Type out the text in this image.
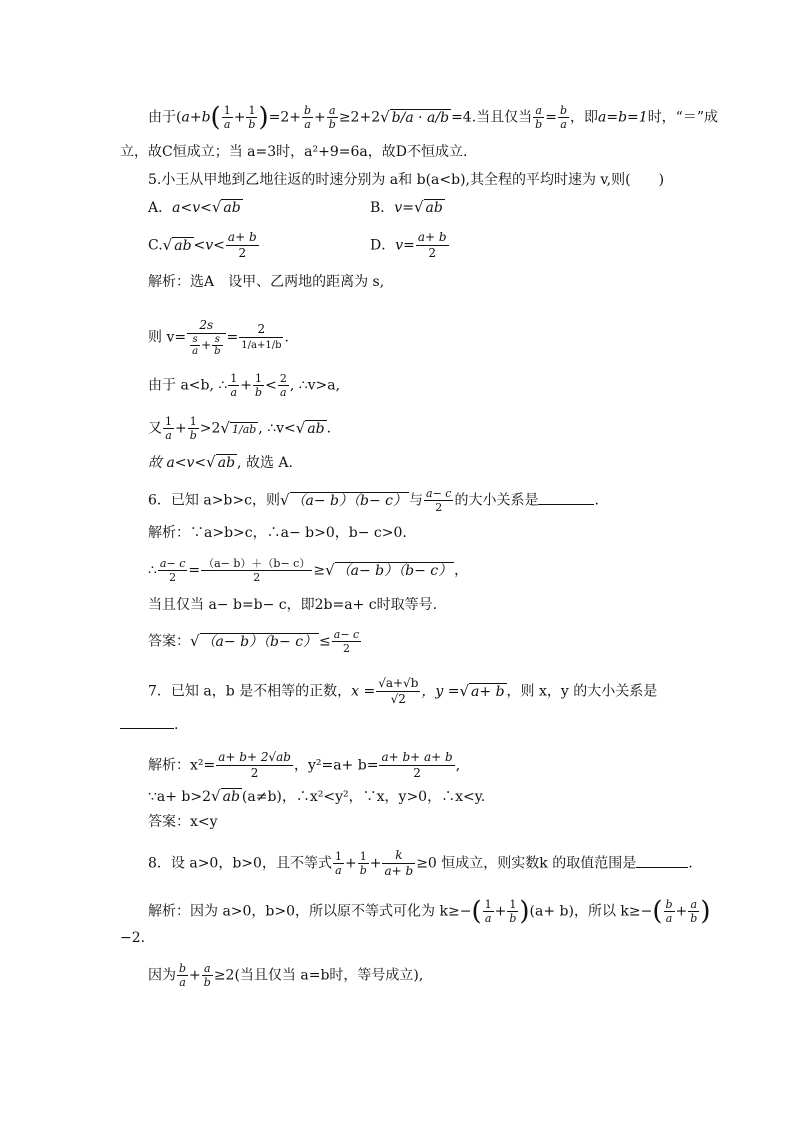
由于($a+b( \frac{1}{a} + \frac{1}{b} )=2+ \frac{b}{a} + \frac{a}{b} \ge 2+2√$ b/a · a/b =4.当且仅当 $\frac{a}{b} = \frac{b}{a}$ ，即a=b=1时，“＝”成
立，故C恒成立；当 a=3时，a²+9=6a，故D不恒成立.
5.小王从甲地到乙地往返的时速分别为 a和 b(a<b),其全程的平均时速为 v,则(　　)
A．a<v<√ ab	B．v=√ ab
C.√ ab $<v< \frac{a+ b}{2}$	D．$v= \frac{a+ b}{2}$
解析：选A　设甲、乙两地的距离为 s,
则 $v= \frac{2s}{\frac{s}{a} + \frac{s}{b}} = \frac{2}{1/a+1/b}$ .
由于 a<b, ∴ $\frac{1}{a} + \frac{1}{b} < \frac{2}{a}$ , ∴v>a,
又 $\frac{1}{a} + \frac{1}{b} >2√$ 1/ab , ∴v<√ ab .
故 a<v<√ ab , 故选 A.
6．已知 a>b>c，则√ （a− b）（b− c） 与 $\frac{a- c}{2}$ 的大小关系是	.
解析：∵a>b>c，∴a− b>0，b− c>0.
∴ $\frac{a- c}{2} = \frac{(a- b)+(b- c)}{2}$ ≥√ （a− b）（b− c） ，
当且仅当 a− b=b− c，即2b=a+ c时取等号.
答案：√ $(a- b)(b- c) \le \frac{a- c}{2}$
7．已知 a，b 是不相等的正数，$x = \frac{√a+√b}{√2}$ ，y =√ a+ b ，则 x，y 的大小关系是
.
解析：$x^2= \frac{a+ b+ 2√ab}{2}$ ，$y^2=a+ b= \frac{a+ b+ a+ b}{2}$ ,
∵a+ b>2√ ab (a≠b)，∴x²<y²，∵x，y>0，∴x<y.
答案：x<y
8．设 a>0，b>0，且不等式 $\frac{1}{a} + \frac{1}{b} + \frac{k}{a+ b} \ge 0$ 恒成立，则实数k 的取值范围是	.
解析：因为 a>0，b>0，所以原不等式可化为 $k\ge-( \frac{1}{a} + \frac{1}{b} )(a+ b)$，所以 $k\ge-( \frac{b}{a} + \frac{a}{b}$ )
−2.
因为 $\frac{b}{a} + \frac{a}{b} \ge 2$(当且仅当 a=b时，等号成立),
